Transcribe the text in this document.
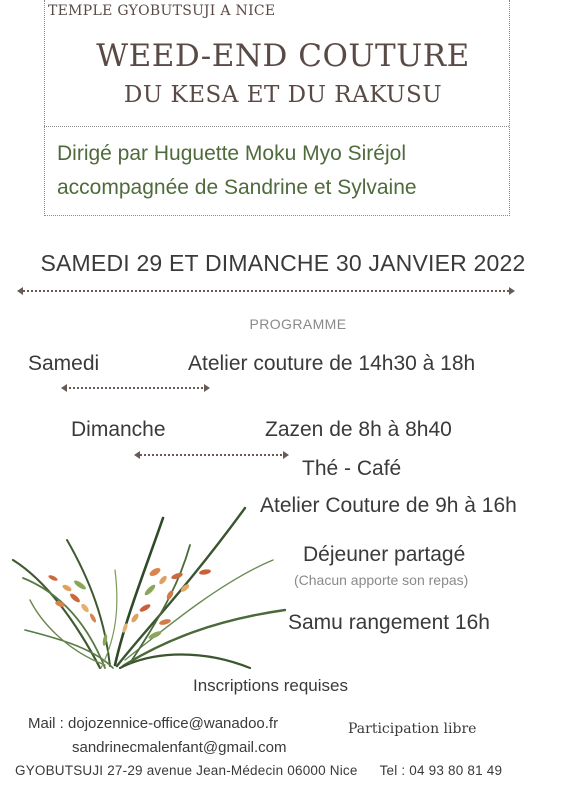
TEMPLE GYOBUTSUJI A NICE
WEED-END COUTURE
DU KESA ET DU RAKUSU
Dirigé par Huguette Moku Myo Siréjol
accompagnée de Sandrine et Sylvaine
SAMEDI 29 ET DIMANCHE 30 JANVIER 2022
PROGRAMME
Samedi	Atelier couture de 14h30 à 18h
Dimanche	Zazen de 8h à 8h40
Thé - Café
Atelier Couture de 9h à 16h
Déjeuner partagé
(Chacun apporte son repas)
Samu rangement 16h
Inscriptions requises
Mail : dojozennice-office@wanadoo.fr
sandrinecmalenfant@gmail.com
Participation libre
GYOBUTSUJI 27-29 avenue Jean-Médecin 06000 Nice Tel : 04 93 80 81 49
